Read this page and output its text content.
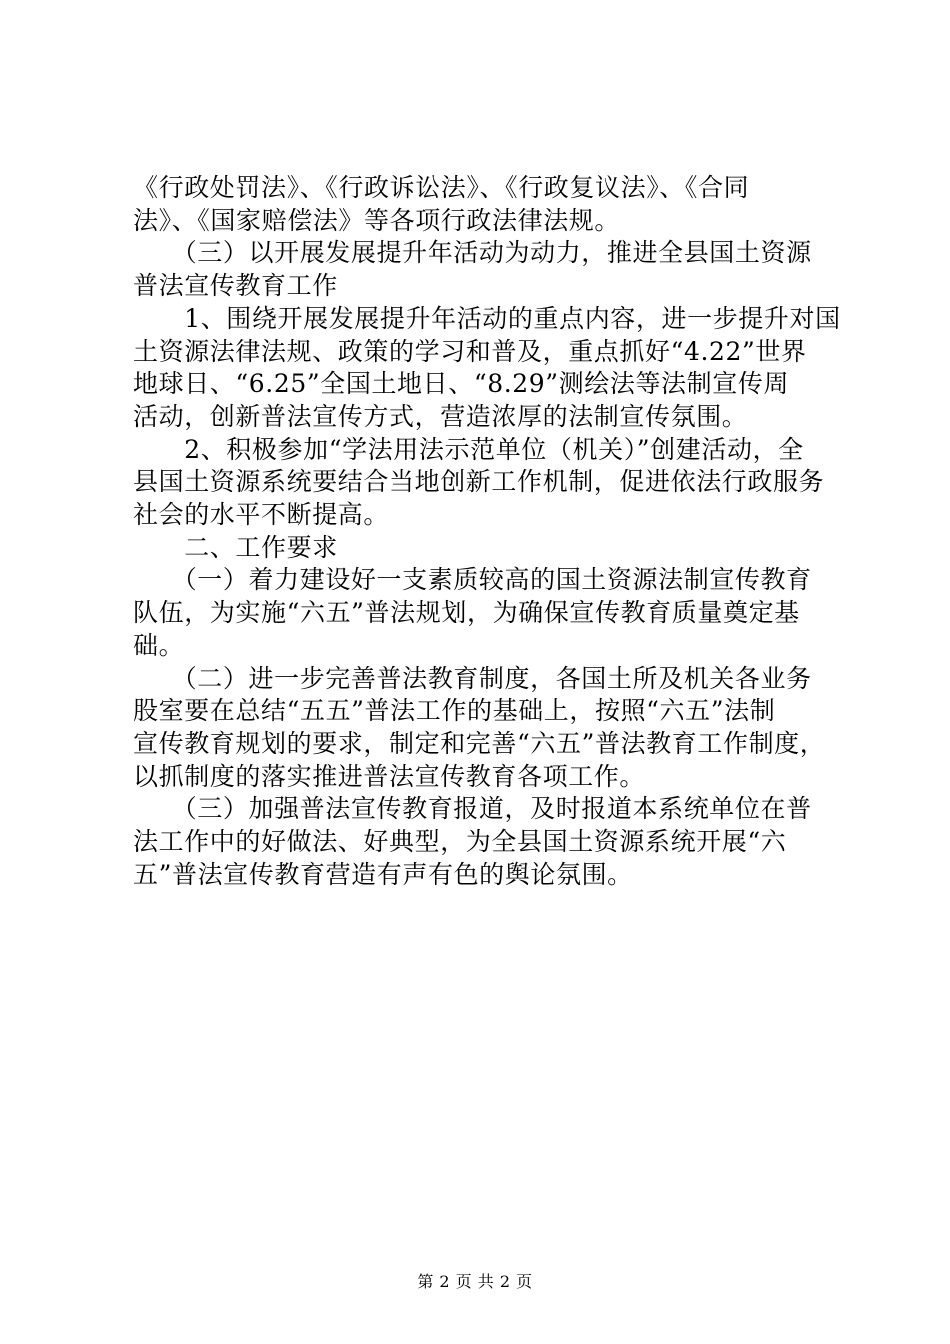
《行政处罚法》、《行政诉讼法》、《行政复议法》、《合同
法》、《国家赔偿法》等各项行政法律法规。
　　（三）以开展发展提升年活动为动力，推进全县国土资源
普法宣传教育工作
　　1、围绕开展发展提升年活动的重点内容，进一步提升对国
土资源法律法规、政策的学习和普及，重点抓好“4.22”世界
地球日、“6.25”全国土地日、“8.29”测绘法等法制宣传周
活动，创新普法宣传方式，营造浓厚的法制宣传氛围。
　　2、积极参加“学法用法示范单位（机关）”创建活动，全
县国土资源系统要结合当地创新工作机制，促进依法行政服务
社会的水平不断提高。
　　二、工作要求
　　（一）着力建设好一支素质较高的国土资源法制宣传教育
队伍，为实施“六五”普法规划，为确保宣传教育质量奠定基
础。
　　（二）进一步完善普法教育制度，各国土所及机关各业务
股室要在总结“五五”普法工作的基础上，按照“六五”法制
宣传教育规划的要求，制定和完善“六五”普法教育工作制度，
以抓制度的落实推进普法宣传教育各项工作。
　　（三）加强普法宣传教育报道，及时报道本系统单位在普
法工作中的好做法、好典型，为全县国土资源系统开展“六
五”普法宣传教育营造有声有色的舆论氛围。
第 2 页 共 2 页
